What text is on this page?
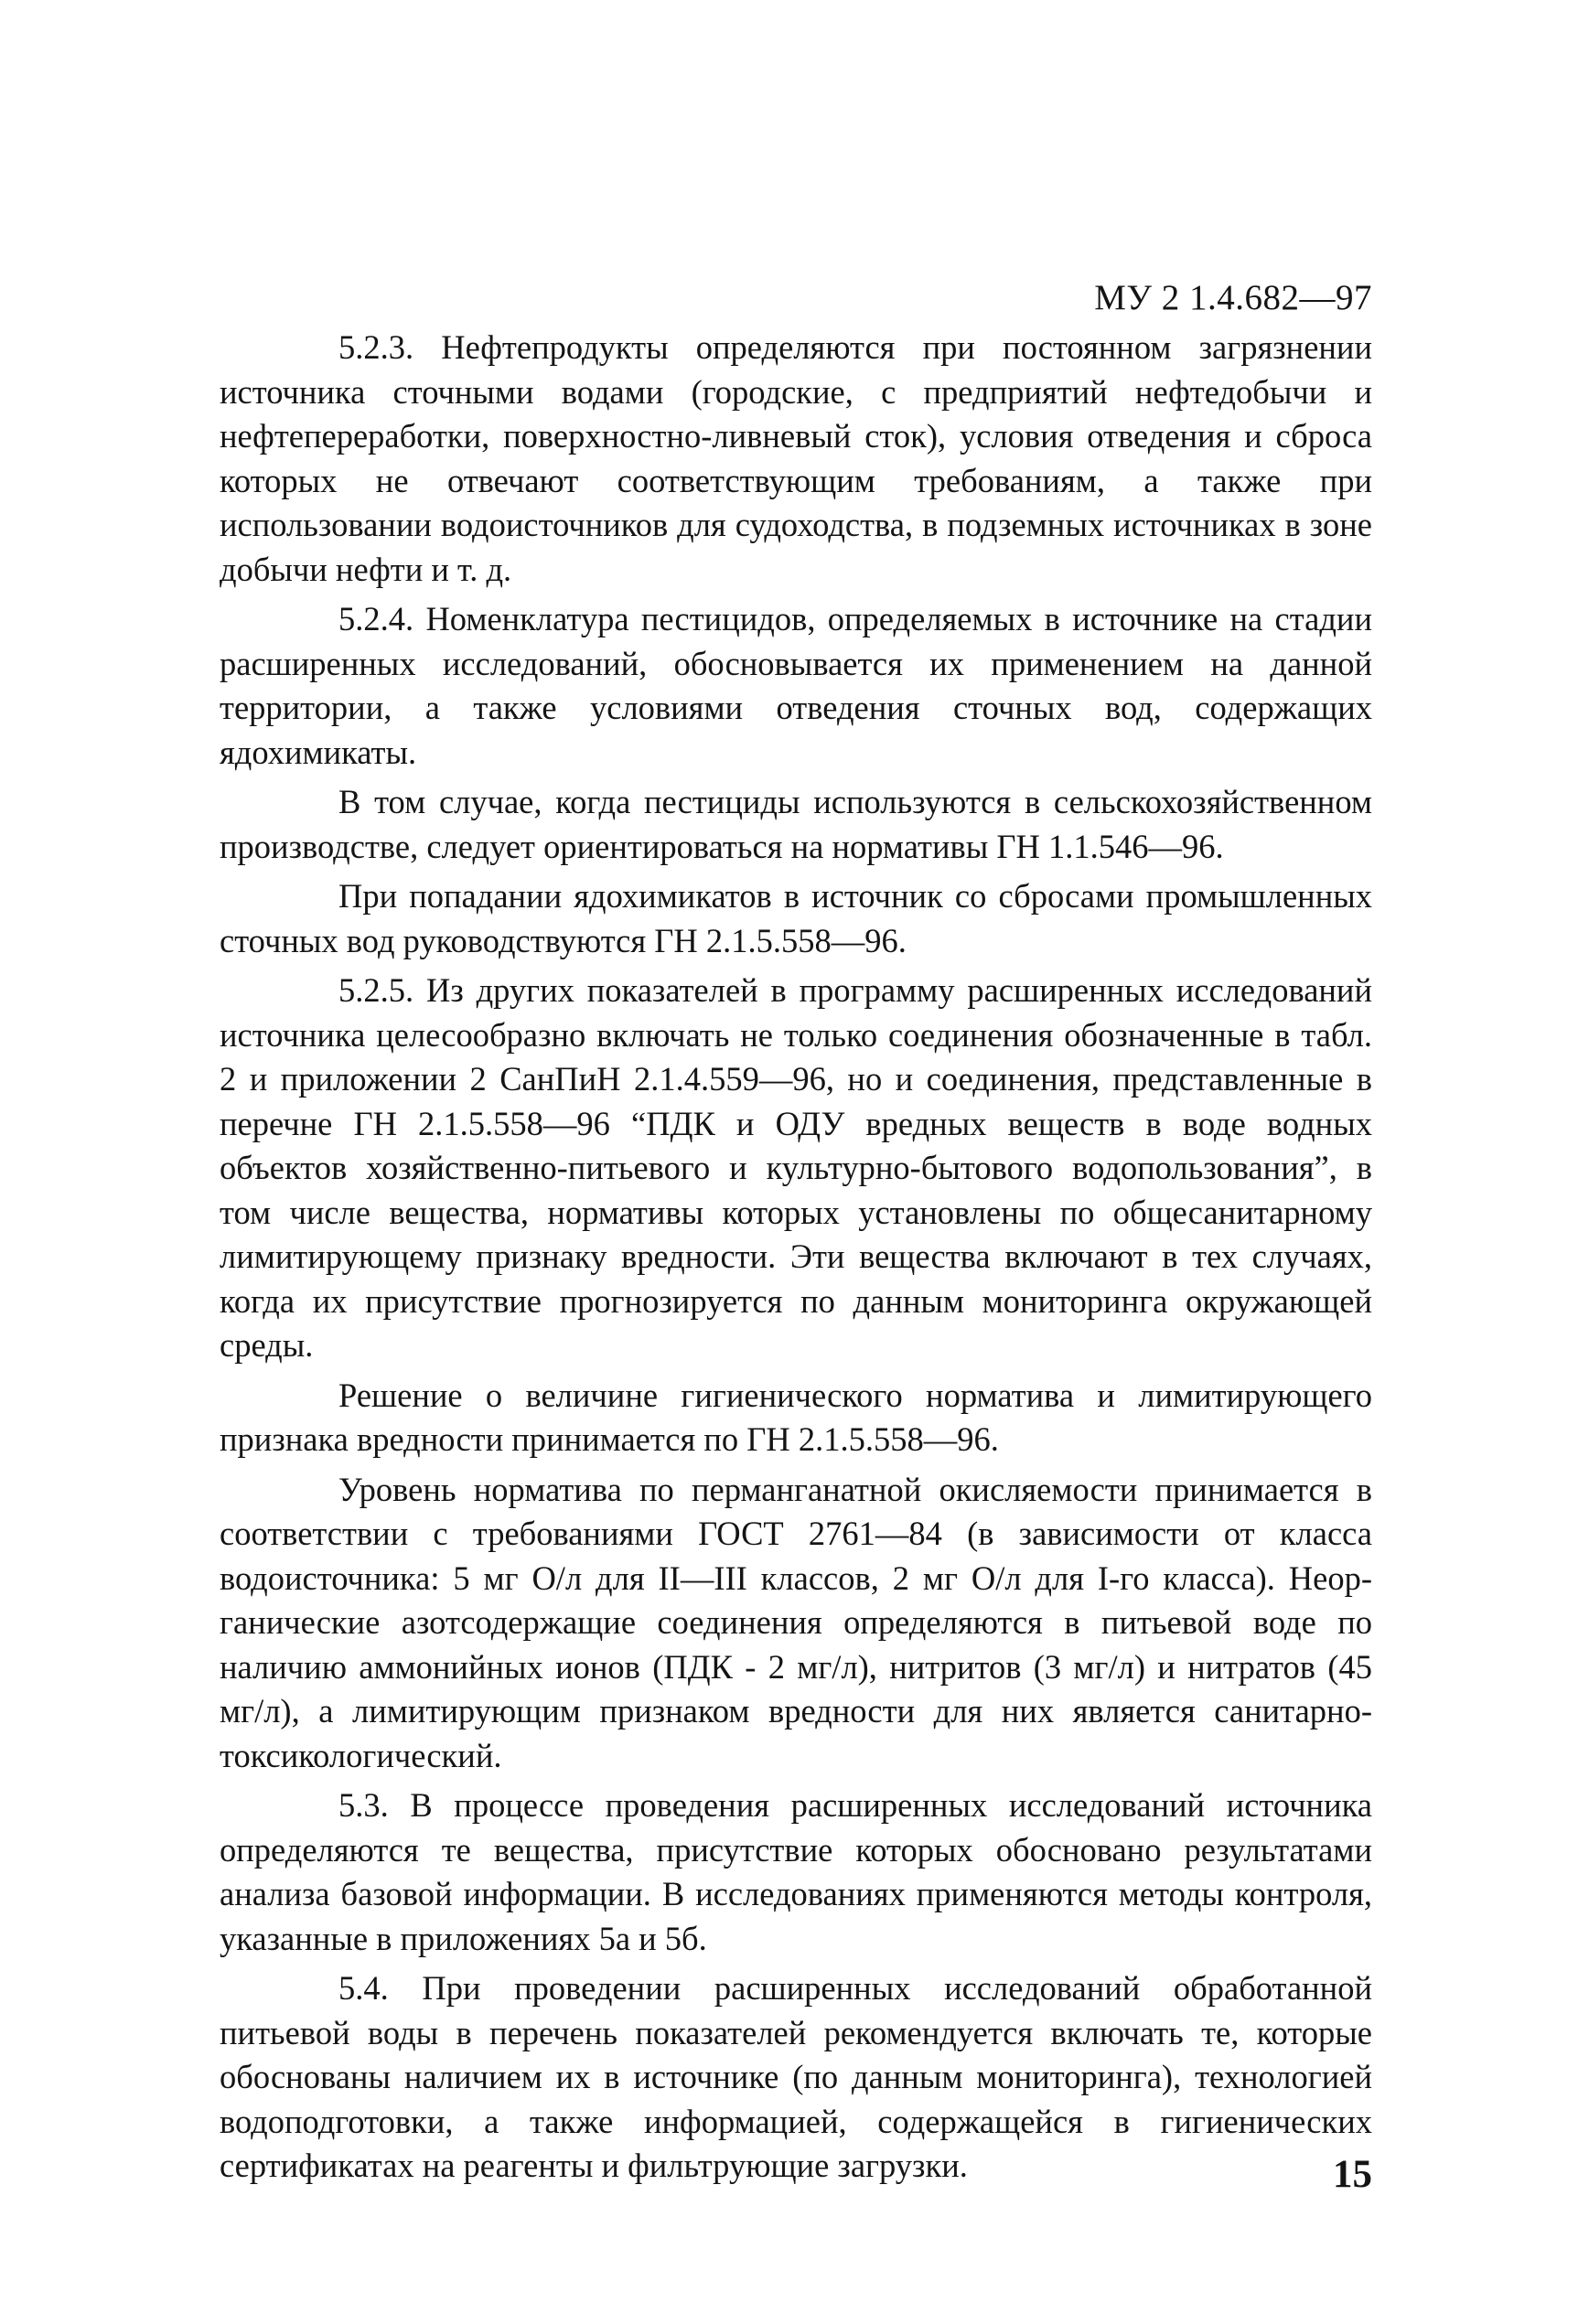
МУ 2 1.4.682—97

5.2.3. Нефтепродукты определяются при постоянном загрязнении источника сточными водами (городские, с предприятий нефтедобычи и нефтепереработки, поверхностно-ливневый сток), условия отведения и сброса которых не отвечают соответствующим требованиям, а также при использовании водоисточников для судоходства, в подземных источниках в зоне добычи нефти и т. д.

5.2.4. Номенклатура пестицидов, определяемых в источнике на стадии расширенных исследований, обосновывается их применением на данной территории, а также условиями отведения сточных вод, содержащих ядохимикаты.

В том случае, когда пестициды используются в сельскохозяйственном производстве, следует ориентироваться на нормативы ГН 1.1.546—96.

При попадании ядохимикатов в источник со сбросами промышленных сточных вод руководствуются ГН 2.1.5.558—96.

5.2.5. Из других показателей в программу расширенных исследований источника целесообразно включать не только соединения обозначенные в табл. 2 и приложении 2 СанПиН 2.1.4.559—96, но и соединения, представленные в перечне ГН 2.1.5.558—96 “ПДК и ОДУ вредных веществ в воде водных объектов хозяйственно-питьевого и культурно-бытового водопользования”, в том числе вещества, нормативы которых установлены по общесанитарному лимитирующему признаку вредности. Эти вещества включают в тех случаях, когда их присутствие прогнозируется по данным мониторинга окружающей среды.

Решение о величине гигиенического норматива и лимитирующего признака вредности принимается по ГН 2.1.5.558—96.

Уровень норматива по перманганатной окисляемости принимается в соответствии с требованиями ГОСТ 2761—84 (в зависимости от класса водоисточника: 5 мг О/л для II—III классов, 2 мг О/л для I-го класса). Неорганические азотсодержащие соединения определяются в питьевой воде по наличию аммонийных ионов (ПДК - 2 мг/л), нитритов (3 мг/л) и нитратов (45 мг/л), а лимитирующим признаком вредности для них является санитарно-токсикологический.

5.3. В процессе проведения расширенных исследований источника определяются те вещества, присутствие которых обосновано результатами анализа базовой информации. В исследованиях применяются методы контроля, указанные в приложениях 5а и 5б.

5.4. При проведении расширенных исследований обработанной питьевой воды в перечень показателей рекомендуется включать те, которые обоснованы наличием их в источнике (по данным мониторинга), технологией водоподготовки, а также информацией, содержащейся в гигиенических сертификатах на реагенты и фильтрующие загрузки.	15
